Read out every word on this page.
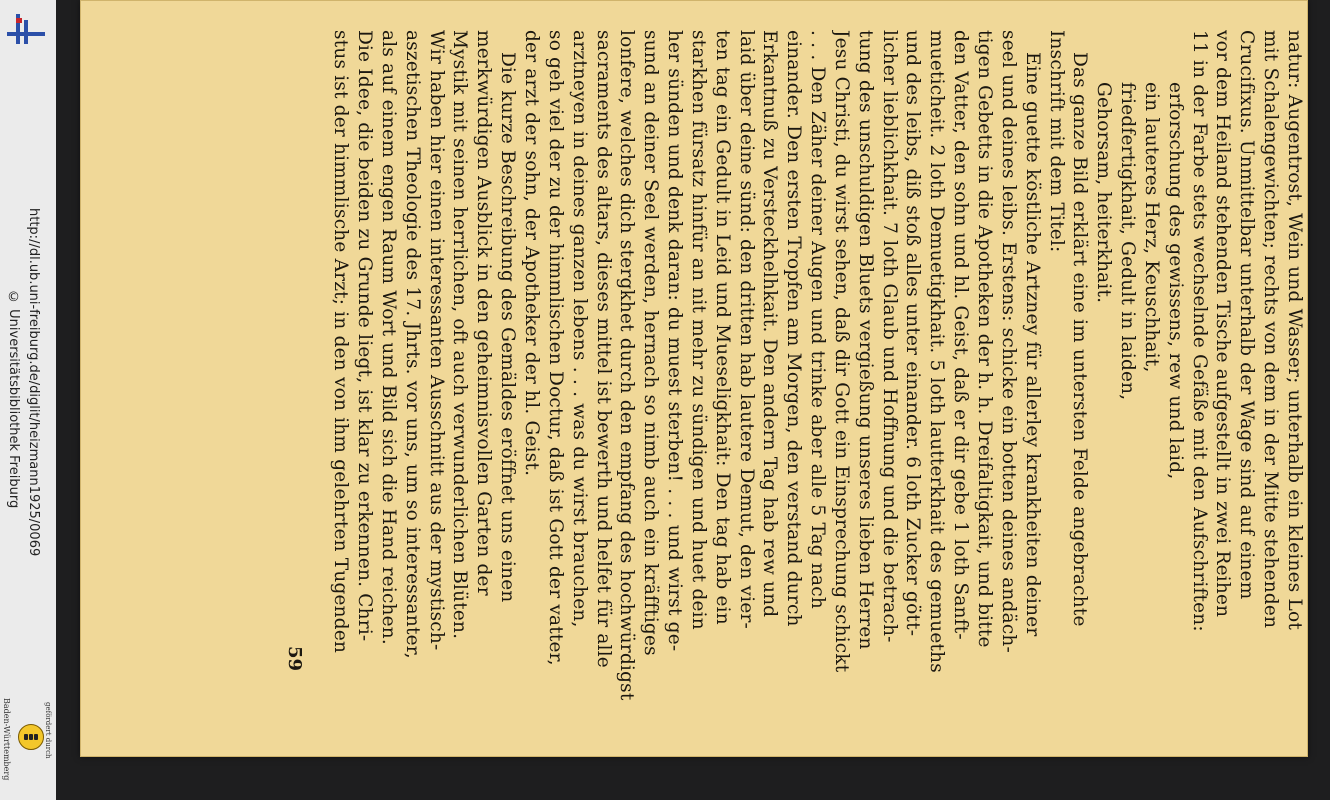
http://dl.ub.uni-freiburg.de/diglit/heizmann1925/0069
© Universitätsbibliothek Freiburg
gefördert durch
Baden-Württemberg
natur: Augentrost, Wein und Wasser; unterhalb ein kleines Lot
mit Schalengewichten; rechts von dem in der Mitte stehenden
Crucifixus. Unmittelbar unterhalb der Wage sind auf einem
vor dem Heiland stehenden Tische aufgestellt in zwei Reihen
11 in der Farbe stets wechselnde Gefäße mit den Aufschriften:
erforschung des gewissens, rew und laid,
ein lauteres Herz, Keuschhait,
friedfertigkhait, Gedult in laiden,
Gehorsam, heiterkhait.
Das ganze Bild erklärt eine im untersten Felde angebrachte
Inschrift mit dem Titel:
Eine guette köstliche Artzney für allerley krankheiten deiner
seel und deines leibs. Erstens: schicke ein botten deines andäch-
tigen Gebetts in die Apotheken der h. h. Dreifaltigkait, und bitte
den Vatter, den sohn und hl. Geist, daß er dir gebe 1 loth Sanft-
mueticheit. 2 loth Demuetigkhait. 5 loth lautterkhait des gemueths
und des leibs, diß stoß alles unter einander. 6 loth Zucker gött-
licher lieblichkhait. 7 loth Glaub und Hoffnung und die betrach-
tung des unschuldigen Bluets vergießung unseres lieben Herren
Jesu Christi, du wirst sehen, daß dir Gott ein Einsprechung schickt
. . . Den Zäher deiner Augen und trinke aber alle 5 Tag nach
einander. Den ersten Tropfen am Morgen, den verstand durch
Erkantnuß zu Versteckhelhkait. Den andern Tag hab rew und
laid über deine sünd: den dritten hab lautere Demut, den vier-
ten tag ein Gedult in Leid und Mueseligkhait: Den tag hab ein
starkhen fürsatz hinfür an nit mehr zu sündigen und huet dein
her sünden und denk daran: du muest sterben! . . . und wirst ge-
sund an deiner Seel werden, hernach so nimb auch ein kräfftiges
lonfere, welches dich stergkhet durch den empfang des hochwürdigst
sacraments des altars, dieses mittel ist bewerth und helfet für alle
arztneyen in deines ganzen lebens . . . was du wirst brauchen,
so geh viel der zu der himmlischen Doctur, daß ist Gott der vatter,
der arzt der sohn, der Apotheker der hl. Geist.
Die kurze Beschreibung des Gemäldes eröffnet uns einen
merkwürdigen Ausblick in den geheimnisvollen Garten der
Mystik mit seinen herrlichen, oft auch verwunderlichen Blüten.
Wir haben hier einen interessanten Ausschnitt aus der mystisch-
aszetischen Theologie des 17. Jhrts. vor uns, um so interessanter,
als auf einem engen Raum Wort und Bild sich die Hand reichen.
Die Idee, die beiden zu Grunde liegt, ist klar zu erkennen. Chri-
stus ist der himmlische Arzt; in den von ihm gelehrten Tugenden
59
